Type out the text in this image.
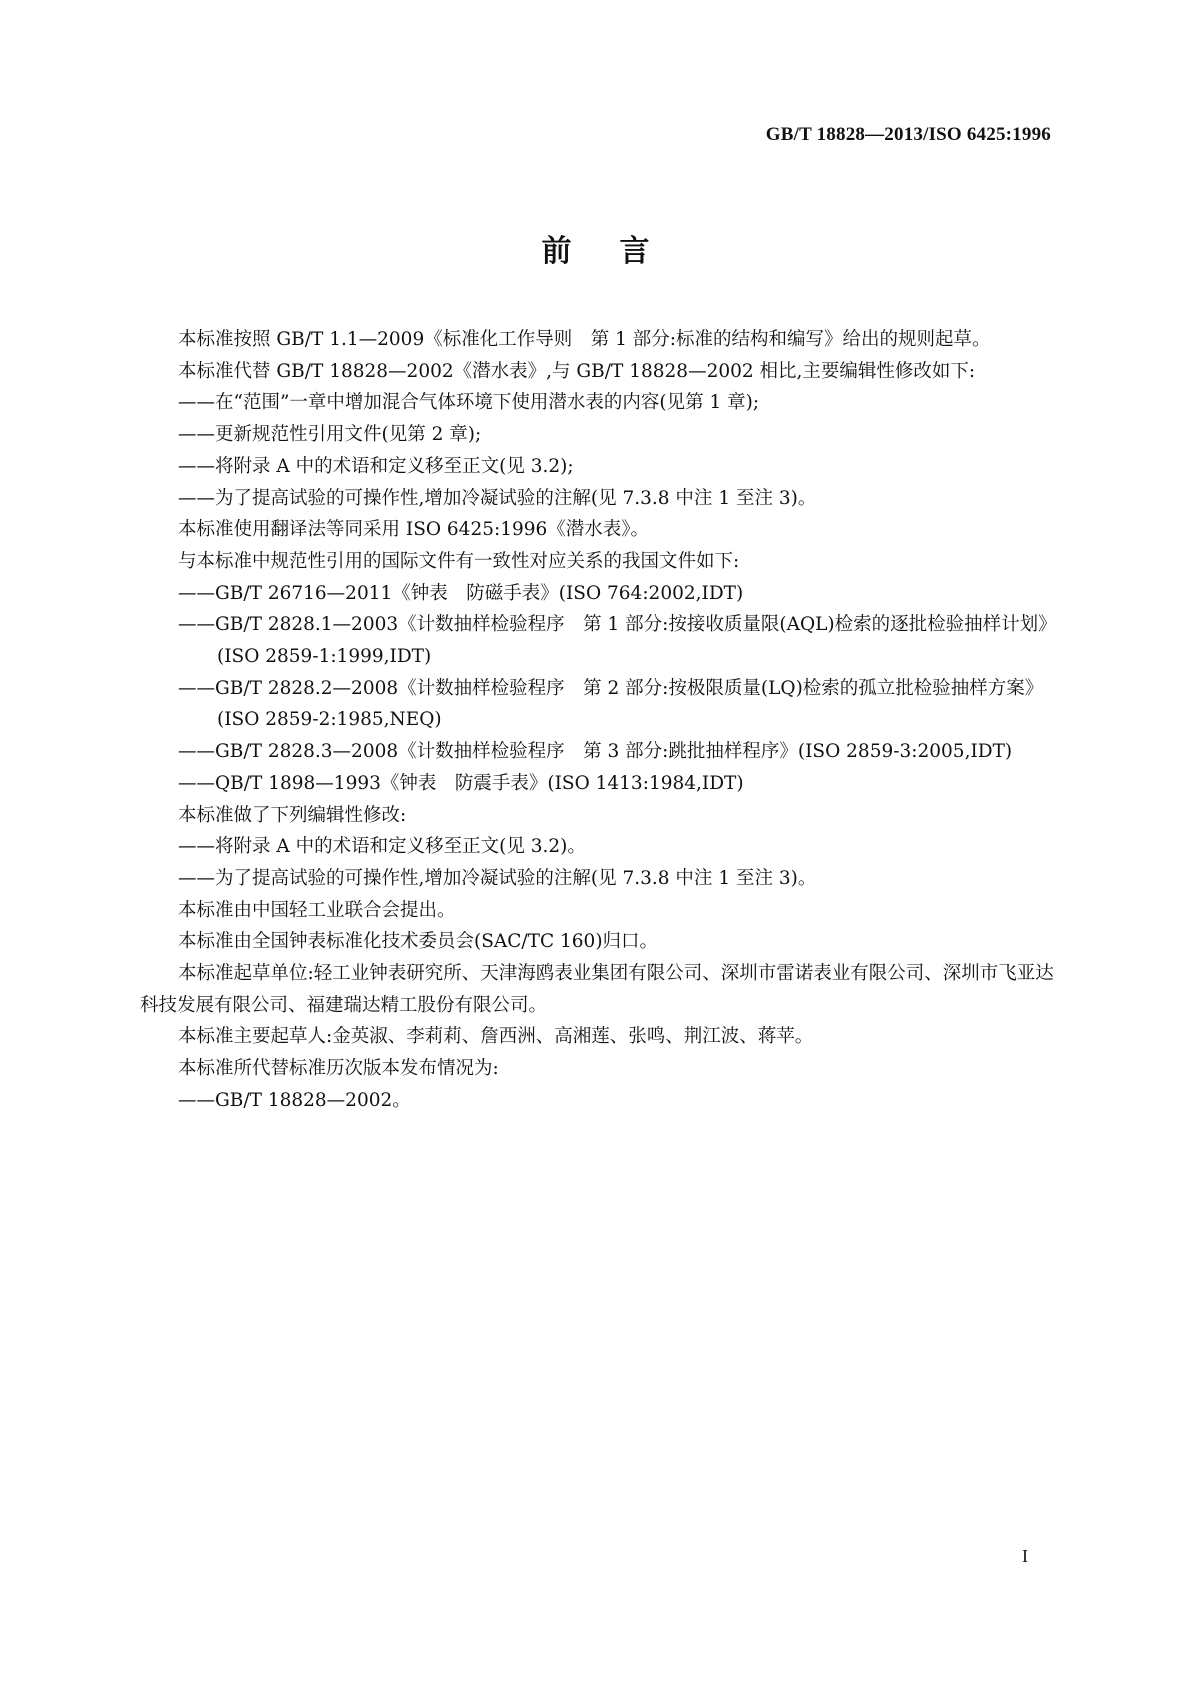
GB/T 18828—2013/ISO 6425:1996
前言

本标准按照 GB/T 1.1—2009《标准化工作导则　第 1 部分:标准的结构和编写》给出的规则起草。

本标准代替 GB/T 18828—2002《潜水表》,与 GB/T 18828—2002 相比,主要编辑性修改如下:

——在“范围”一章中增加混合气体环境下使用潜水表的内容(见第 1 章);

——更新规范性引用文件(见第 2 章);

——将附录 A 中的术语和定义移至正文(见 3.2);

——为了提高试验的可操作性,增加冷凝试验的注解(见 7.3.8 中注 1 至注 3)。

本标准使用翻译法等同采用 ISO 6425:1996《潜水表》。

与本标准中规范性引用的国际文件有一致性对应关系的我国文件如下:

——GB/T 26716—2011《钟表　防磁手表》(ISO 764:2002,IDT)

——GB/T 2828.1—2003《计数抽样检验程序　第 1 部分:按接收质量限(AQL)检索的逐批检验抽样计划》(ISO 2859-1:1999,IDT)

——GB/T 2828.2—2008《计数抽样检验程序　第 2 部分:按极限质量(LQ)检索的孤立批检验抽样方案》(ISO 2859-2:1985,NEQ)

——GB/T 2828.3—2008《计数抽样检验程序　第 3 部分:跳批抽样程序》(ISO 2859-3:2005,IDT)

——QB/T 1898—1993《钟表　防震手表》(ISO 1413:1984,IDT)

本标准做了下列编辑性修改:

——将附录 A 中的术语和定义移至正文(见 3.2)。

——为了提高试验的可操作性,增加冷凝试验的注解(见 7.3.8 中注 1 至注 3)。

本标准由中国轻工业联合会提出。

本标准由全国钟表标准化技术委员会(SAC/TC 160)归口。

本标准起草单位:轻工业钟表研究所、天津海鸥表业集团有限公司、深圳市雷诺表业有限公司、深圳市飞亚达科技发展有限公司、福建瑞达精工股份有限公司。

本标准主要起草人:金英淑、李莉莉、詹西洲、高湘莲、张鸣、荆江波、蒋苹。

本标准所代替标准历次版本发布情况为:

——GB/T 18828—2002。

I
